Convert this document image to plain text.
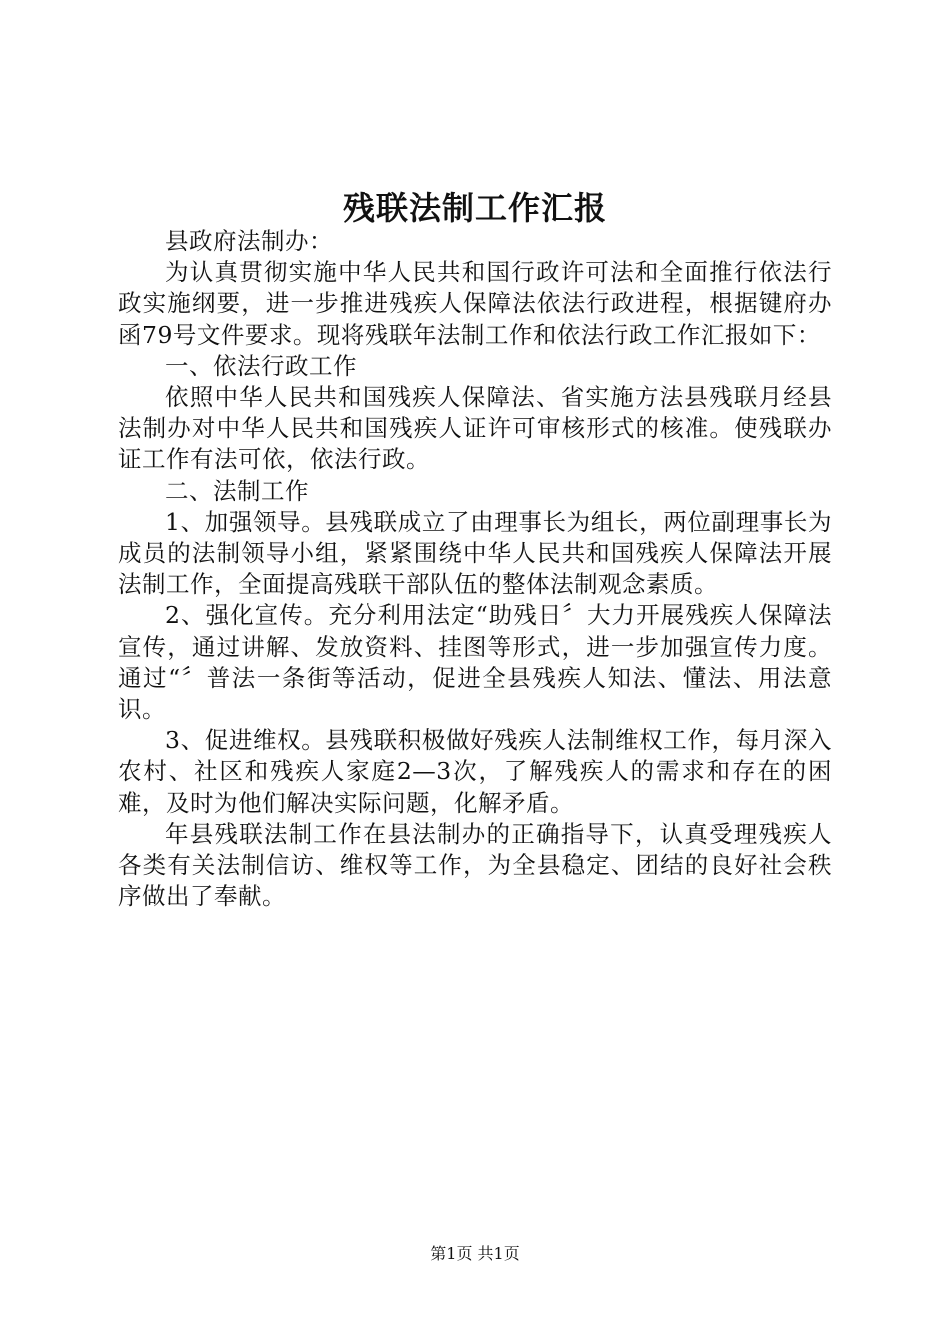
残联法制工作汇报

县政府法制办：

为认真贯彻实施中华人民共和国行政许可法和全面推行依法行政实施纲要，进一步推进残疾人保障法依法行政进程，根据键府办函79号文件要求。现将残联年法制工作和依法行政工作汇报如下：

一、依法行政工作

依照中华人民共和国残疾人保障法、省实施方法县残联月经县法制办对中华人民共和国残疾人证许可审核形式的核准。使残联办证工作有法可依，依法行政。

二、法制工作

1、加强领导。县残联成立了由理事长为组长，两位副理事长为成员的法制领导小组，紧紧围绕中华人民共和国残疾人保障法开展法制工作，全面提高残联干部队伍的整体法制观念素质。

2、强化宣传。充分利用法定“助残日〞大力开展残疾人保障法宣传，通过讲解、发放资料、挂图等形式，进一步加强宣传力度。通过“〞普法一条街等活动，促进全县残疾人知法、懂法、用法意识。

3、促进维权。县残联积极做好残疾人法制维权工作，每月深入农村、社区和残疾人家庭2—3次，了解残疾人的需求和存在的困难，及时为他们解决实际问题，化解矛盾。

年县残联法制工作在县法制办的正确指导下，认真受理残疾人各类有关法制信访、维权等工作，为全县稳定、团结的良好社会秩序做出了奉献。

第1页 共1页
